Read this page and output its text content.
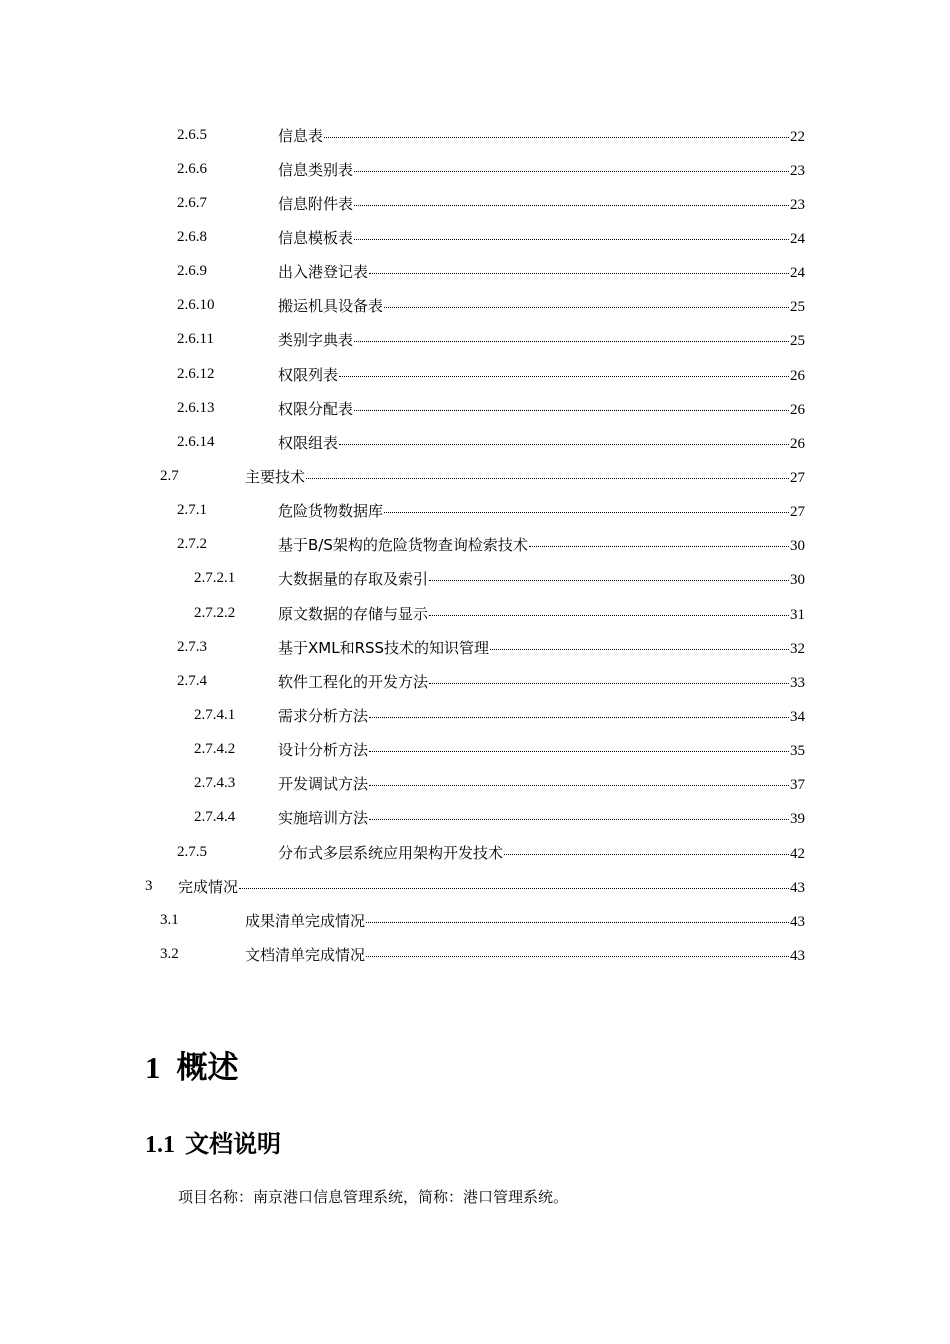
2.6.5	信息表	22
2.6.6	信息类别表	23
2.6.7	信息附件表	23
2.6.8	信息模板表	24
2.6.9	出入港登记表	24
2.6.10	搬运机具设备表	25
2.6.11	类别字典表	25
2.6.12	权限列表	26
2.6.13	权限分配表	26
2.6.14	权限组表	26
2.7	主要技术	27
2.7.1	危险货物数据库	27
2.7.2	基于B/S架构的危险货物查询检索技术	30
2.7.2.1	大数据量的存取及索引	30
2.7.2.2	原文数据的存储与显示	31
2.7.3	基于XML和RSS技术的知识管理	32
2.7.4	软件工程化的开发方法	33
2.7.4.1	需求分析方法	34
2.7.4.2	设计分析方法	35
2.7.4.3	开发调试方法	37
2.7.4.4	实施培训方法	39
2.7.5	分布式多层系统应用架构开发技术	42
3 完成情况	43
3.1	成果清单完成情况	43
3.2	文档清单完成情况	43
1 概述
1.1 文档说明
项目名称：南京港口信息管理系统，简称：港口管理系统。
